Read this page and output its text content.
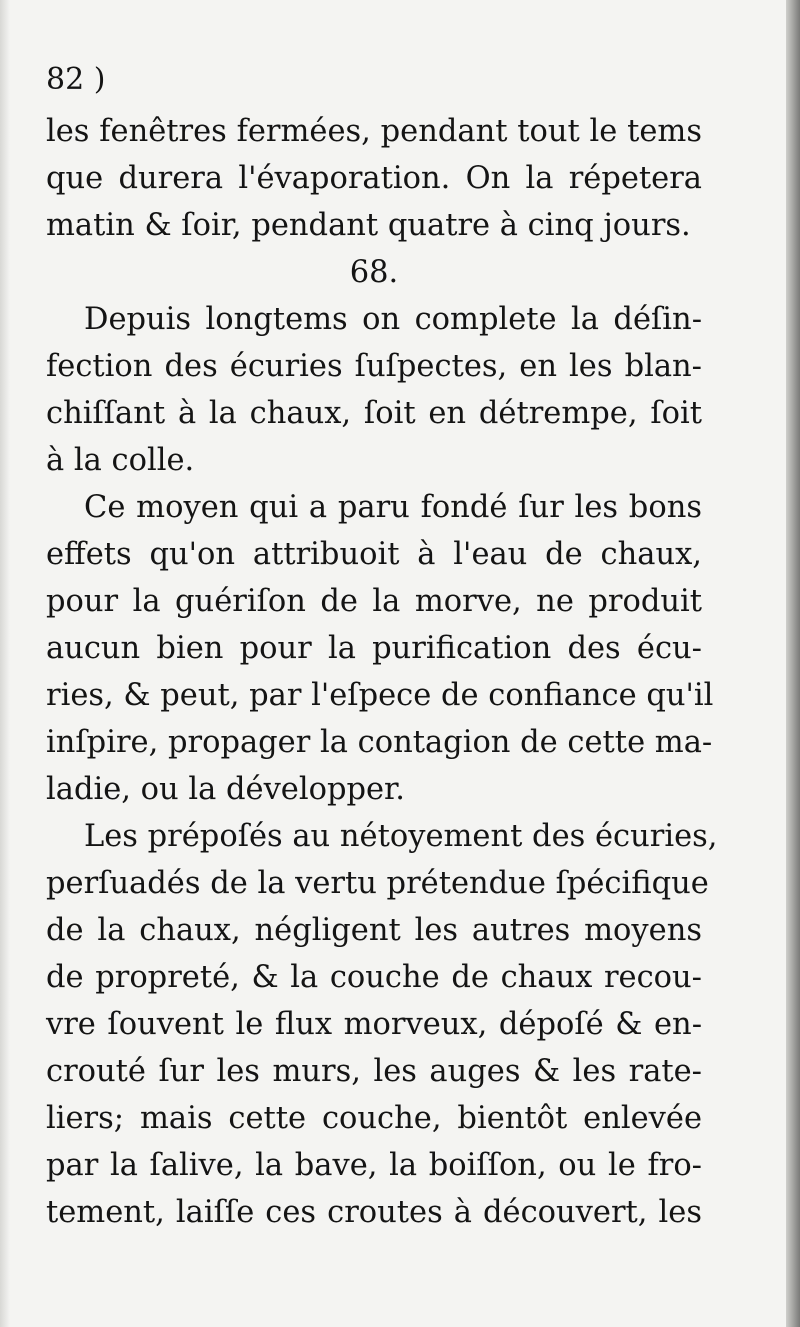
82 )
les fenêtres fermées, pendant tout le tems
que durera l'évaporation. On la répetera
matin & ſoir, pendant quatre à cinq jours.
68.
Depuis longtems on complete la déſin-
fection des écuries ſuſpectes, en les blan-
chiſſant à la chaux, ſoit en détrempe, ſoit
à la colle.
Ce moyen qui a paru fondé ſur les bons
effets qu'on attribuoit à l'eau de chaux,
pour la guériſon de la morve, ne produit
aucun bien pour la purification des écu-
ries, & peut, par l'eſpece de confiance qu'il
inſpire, propager la contagion de cette ma-
ladie, ou la développer.
Les prépoſés au nétoyement des écuries,
perſuadés de la vertu prétendue ſpécifique
de la chaux, négligent les autres moyens
de propreté, & la couche de chaux recou-
vre ſouvent le flux morveux, dépoſé & en-
crouté ſur les murs, les auges & les rate-
liers; mais cette couche, bientôt enlevée
par la ſalive, la bave, la boiſſon, ou le fro-
tement, laiſſe ces croutes à découvert, les
